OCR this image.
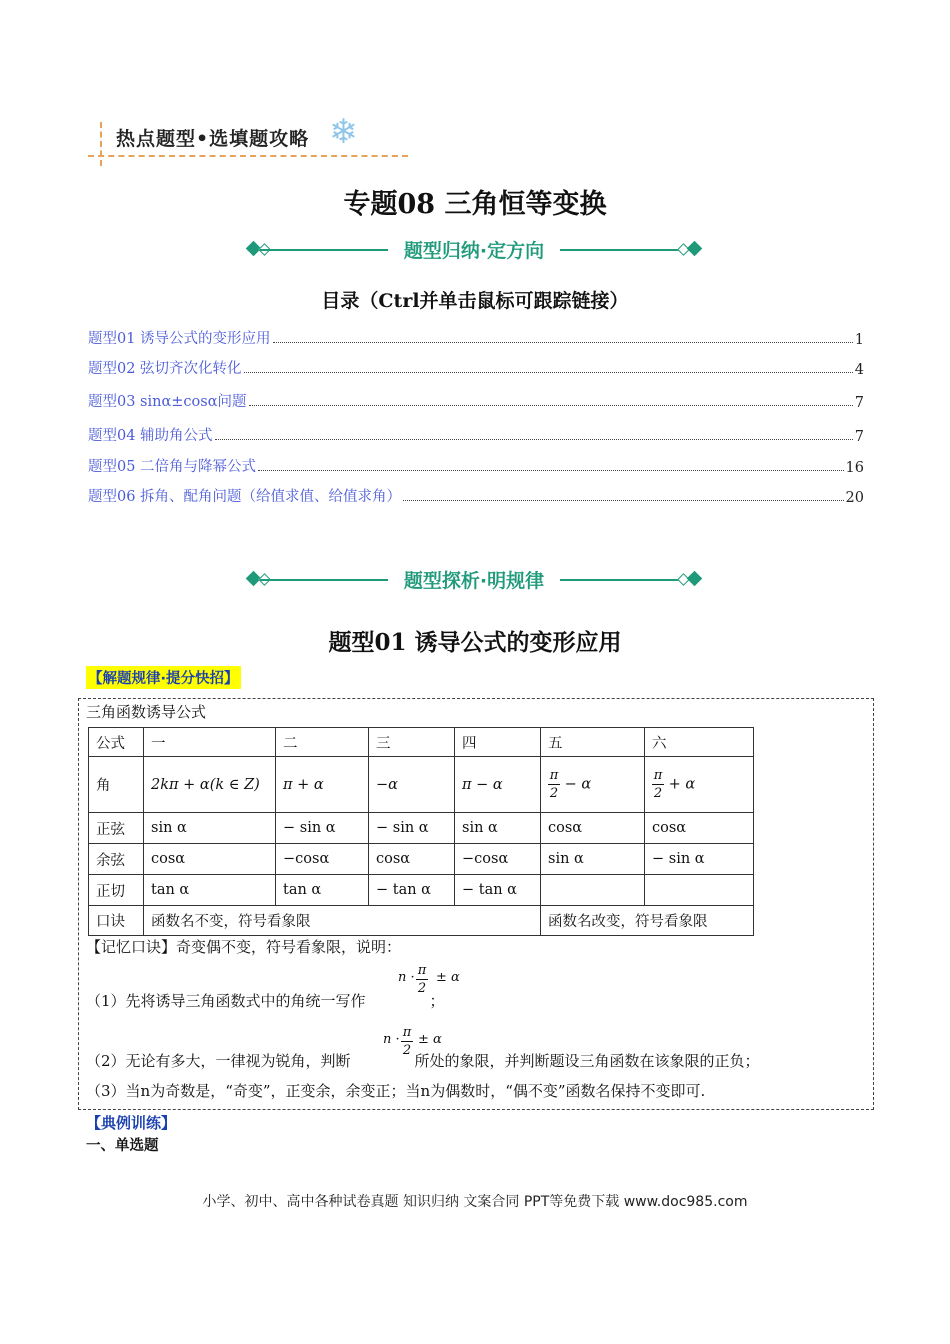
热点题型•选填题攻略 ❄
专题08 三角恒等变换
题型归纳·定方向
目录（Ctrl并单击鼠标可跟踪链接）
题型01 诱导公式的变形应用	1
题型02 弦切齐次化转化	4
题型03 sinα±cosα问题	7
题型04 辅助角公式	7
题型05 二倍角与降幂公式	16
题型06 拆角、配角问题（给值求值、给值求角）	20
题型探析·明规律
题型01 诱导公式的变形应用
【解题规律·提分快招】
三角函数诱导公式
公式	一	二	三	四	五	六
角	2kπ + α(k ∈ Z)	π + α	−α	π − α	$\frac{\pi}{2} - \alpha$	$\frac{\pi}{2} + \alpha$
正弦	sin α	− sin α	− sin α	sin α	cosα	cosα
余弦	cosα	−cosα	cosα	−cosα	sin α	− sin α
正切	tan α	tan α	− tan α	− tan α		
口诀	函数名不变，符号看象限				函数名改变，符号看象限	
【记忆口诀】奇变偶不变，符号看象限，说明：
$n \cdot \frac{\pi}{2} \pm \alpha$
（1）先将诱导三角函数式中的角统一写作	；
$n \cdot \frac{\pi}{2} \pm \alpha$
（2）无论有多大，一律视为锐角，判断	所处的象限，并判断题设三角函数在该象限的正负；
（3）当n为奇数是，“奇变”，正变余，余变正；当n为偶数时，“偶不变”函数名保持不变即可.
【典例训练】
一、单选题
小学、初中、高中各种试卷真题 知识归纳 文案合同 PPT等免费下载 www.doc985.com
